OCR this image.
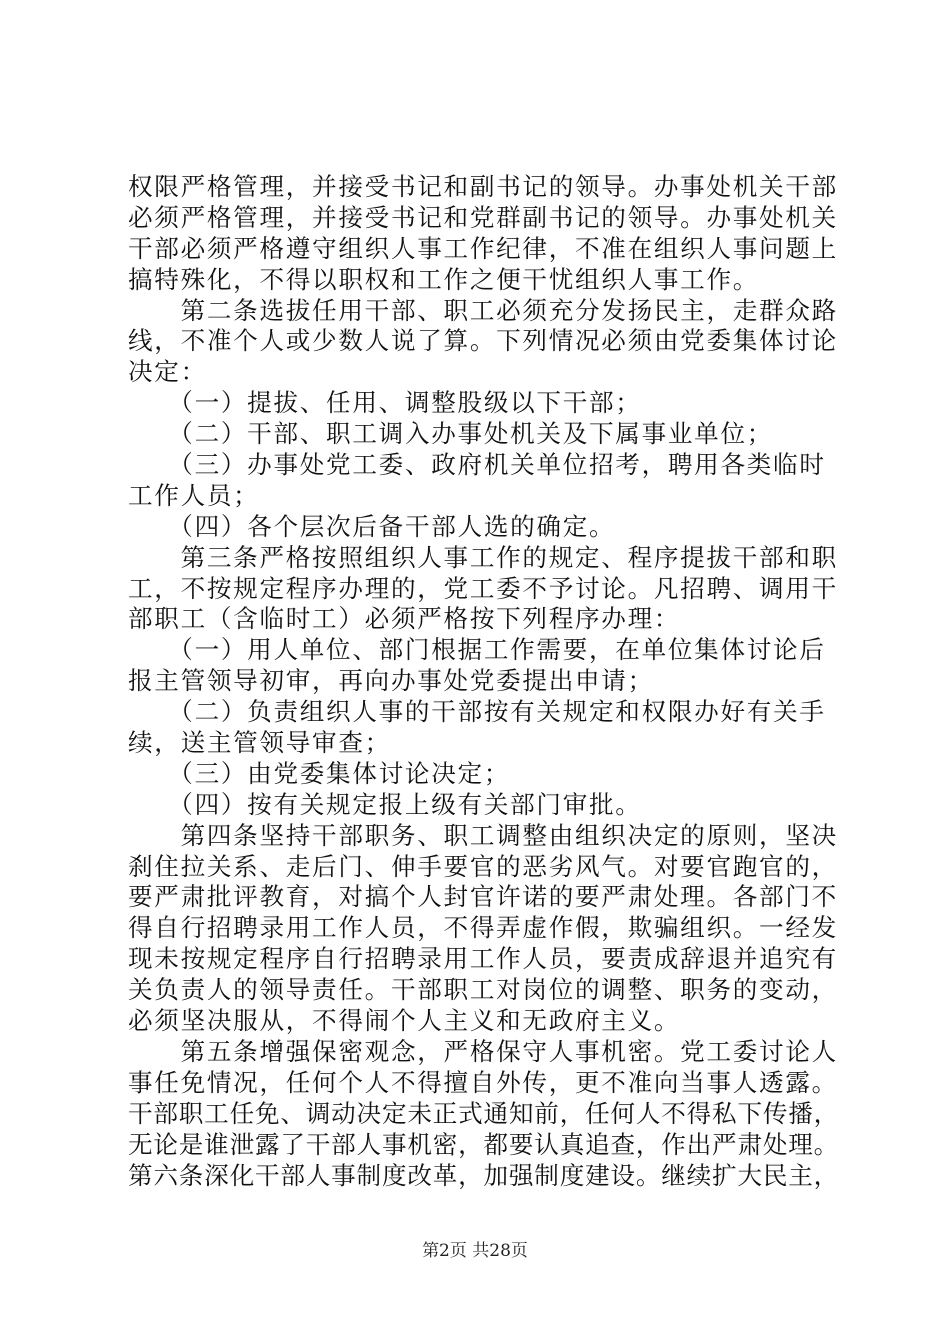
权限严格管理，并接受书记和副书记的领导。办事处机关干部
必须严格管理，并接受书记和党群副书记的领导。办事处机关
干部必须严格遵守组织人事工作纪律，不准在组织人事问题上
搞特殊化，不得以职权和工作之便干忧组织人事工作。
　　第二条选拔任用干部、职工必须充分发扬民主，走群众路
线，不准个人或少数人说了算。下列情况必须由党委集体讨论
决定：
　　（一）提拔、任用、调整股级以下干部；
　　（二）干部、职工调入办事处机关及下属事业单位；
　　（三）办事处党工委、政府机关单位招考，聘用各类临时
工作人员；
　　（四）各个层次后备干部人选的确定。
　　第三条严格按照组织人事工作的规定、程序提拔干部和职
工，不按规定程序办理的，党工委不予讨论。凡招聘、调用干
部职工（含临时工）必须严格按下列程序办理：
　　（一）用人单位、部门根据工作需要，在单位集体讨论后
报主管领导初审，再向办事处党委提出申请；
　　（二）负责组织人事的干部按有关规定和权限办好有关手
续，送主管领导审查；
　　（三）由党委集体讨论决定；
　　（四）按有关规定报上级有关部门审批。
　　第四条坚持干部职务、职工调整由组织决定的原则，坚决
刹住拉关系、走后门、伸手要官的恶劣风气。对要官跑官的，
要严肃批评教育，对搞个人封官许诺的要严肃处理。各部门不
得自行招聘录用工作人员，不得弄虚作假，欺骗组织。一经发
现未按规定程序自行招聘录用工作人员，要责成辞退并追究有
关负责人的领导责任。干部职工对岗位的调整、职务的变动，
必须坚决服从，不得闹个人主义和无政府主义。
　　第五条增强保密观念，严格保守人事机密。党工委讨论人
事任免情况，任何个人不得擅自外传，更不准向当事人透露。
干部职工任免、调动决定未正式通知前，任何人不得私下传播，
无论是谁泄露了干部人事机密，都要认真追查，作出严肃处理。
第六条深化干部人事制度改革，加强制度建设。继续扩大民主，
第2页 共28页
